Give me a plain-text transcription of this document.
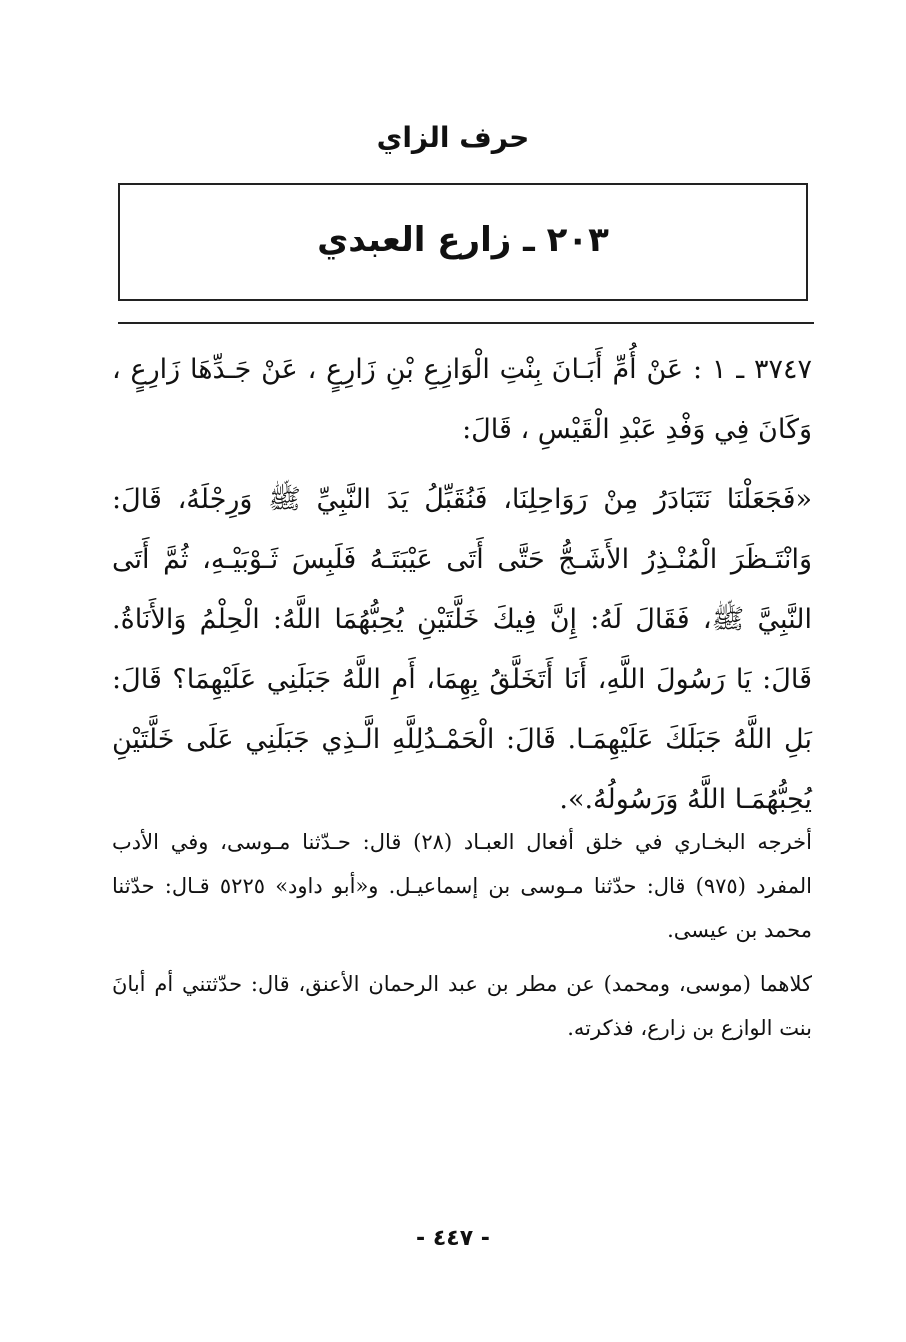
حرف الزاي
٢٠٣ ـ زارع العبدي
٣٧٤٧ ـ ١ : عَنْ أُمِّ أَبَـانَ بِنْتِ الْوَازِعِ بْنِ زَارِعٍ ، عَنْ جَـدِّهَا زَارِعٍ ، وَكَانَ فِي وَفْدِ عَبْدِ الْقَيْسِ ، قَالَ:
«فَجَعَلْنَا نَتَبَادَرُ مِنْ رَوَاحِلِنَا، فَنُقَبِّلُ يَدَ النَّبِيِّ ﷺ وَرِجْلَهُ، قَالَ: وَانْتَـظَرَ الْمُنْـذِرُ الأَشَـجُّ حَتَّى أَتَى عَيْبَتَـهُ فَلَبِسَ ثَـوْبَيْـهِ، ثُمَّ أَتَى النَّبِيَّ ﷺ، فَقَالَ لَهُ: إِنَّ فِيكَ خَلَّتَيْنِ يُحِبُّهُمَا اللَّهُ: الْحِلْمُ وَالأَنَاةُ. قَالَ: يَا رَسُولَ اللَّهِ، أَنَا أَتَخَلَّقُ بِهِمَا، أَمِ اللَّهُ جَبَلَنِي عَلَيْهِمَا؟ قَالَ: بَلِ اللَّهُ جَبَلَكَ عَلَيْهِمَـا. قَالَ: الْحَمْـدُلِلَّهِ الَّـذِي جَبَلَنِي عَلَى خَلَّتَيْنِ يُحِبُّهُمَـا اللَّهُ وَرَسُولُهُ.».
أخرجه البخـاري في خلق أفعال العبـاد (٢٨) قال: حـدّثنا مـوسى، وفي الأدب المفرد (٩٧٥) قال: حدّثنا مـوسى بن إسماعيـل. و«أبو داود» ٥٢٢٥ قـال: حدّثنا محمد بن عيسى.
كلاهما (موسى، ومحمد) عن مطر بن عبد الرحمان الأعنق، قال: حدّثتني أم أبانَ بنت الوازع بن زارع، فذكرته.
- ٤٤٧ -
